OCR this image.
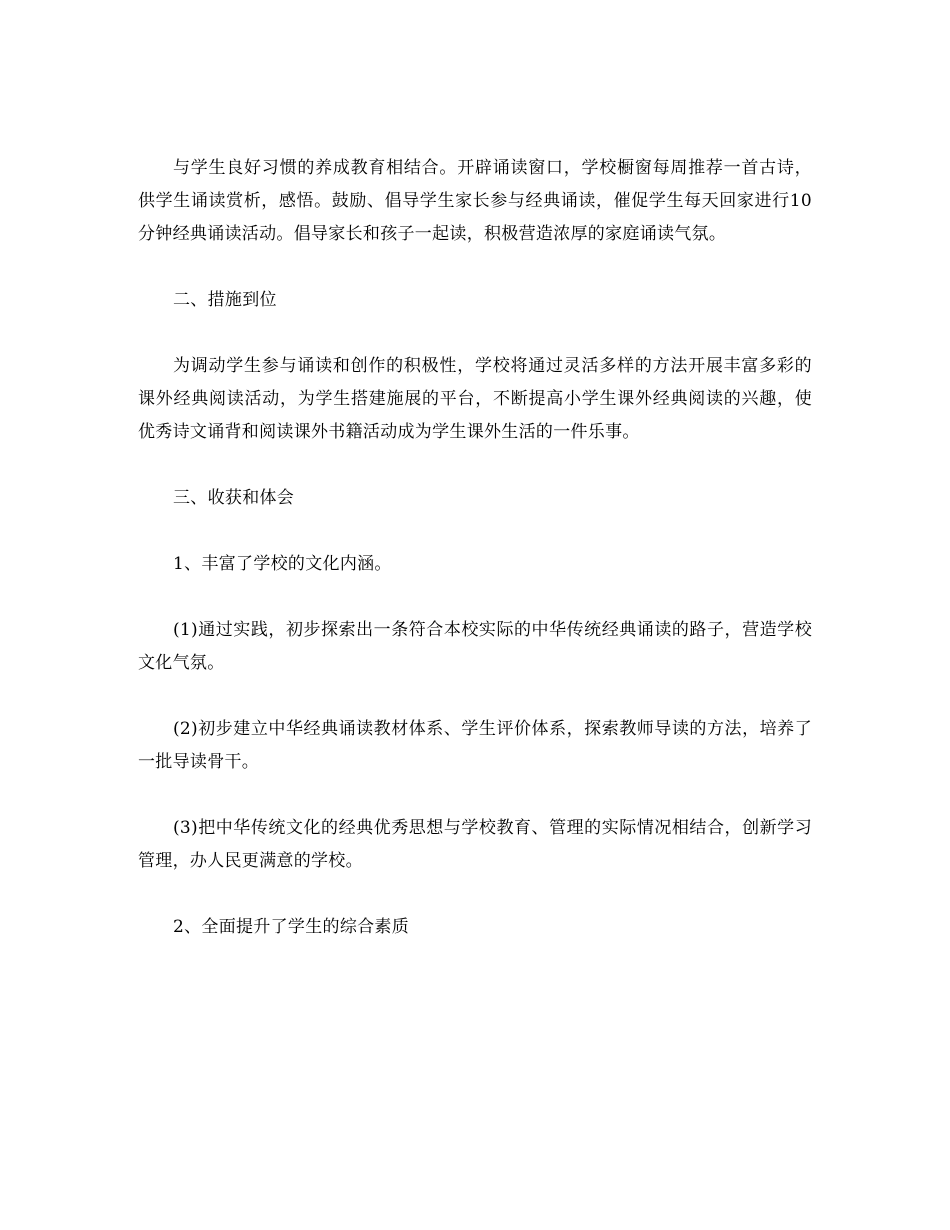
与学生良好习惯的养成教育相结合。开辟诵读窗口，学校橱窗每周推荐一首古诗，供学生诵读赏析，感悟。鼓励、倡导学生家长参与经典诵读，催促学生每天回家进行10分钟经典诵读活动。倡导家长和孩子一起读，积极营造浓厚的家庭诵读气氛。

二、措施到位

为调动学生参与诵读和创作的积极性，学校将通过灵活多样的方法开展丰富多彩的课外经典阅读活动，为学生搭建施展的平台，不断提高小学生课外经典阅读的兴趣，使优秀诗文诵背和阅读课外书籍活动成为学生课外生活的一件乐事。

三、收获和体会

1、丰富了学校的文化内涵。

(1)通过实践，初步探索出一条符合本校实际的中华传统经典诵读的路子，营造学校文化气氛。

(2)初步建立中华经典诵读教材体系、学生评价体系，探索教师导读的方法，培养了一批导读骨干。

(3)把中华传统文化的经典优秀思想与学校教育、管理的实际情况相结合，创新学习管理，办人民更满意的学校。

2、全面提升了学生的综合素质
